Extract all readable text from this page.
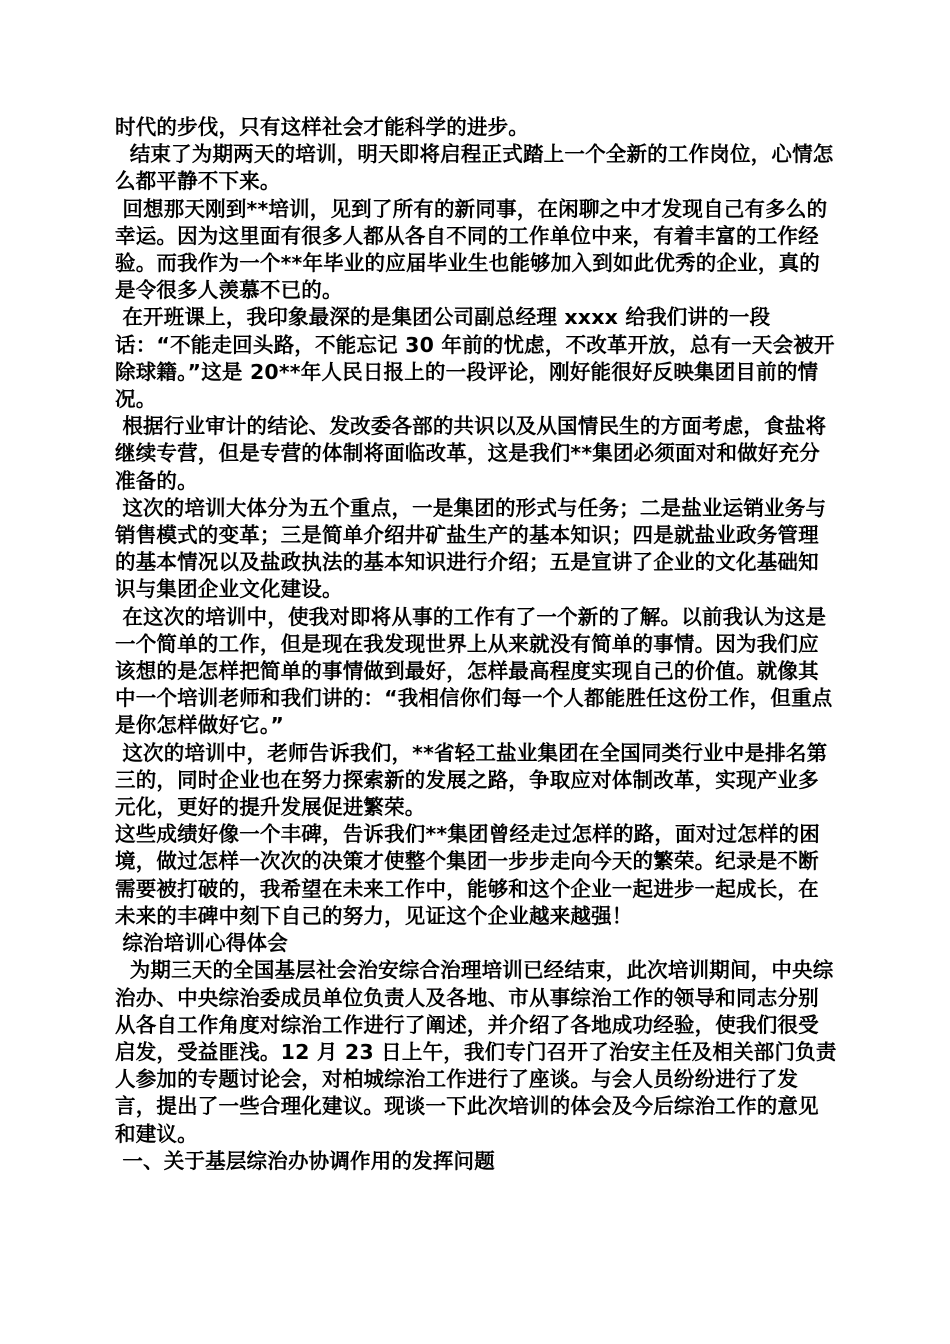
时代的步伐，只有这样社会才能科学的进步。

结束了为期两天的培训，明天即将启程正式踏上一个全新的工作岗位，心情怎么都平静不下来。

回想那天刚到**培训，见到了所有的新同事，在闲聊之中才发现自己有多么的幸运。因为这里面有很多人都从各自不同的工作单位中来，有着丰富的工作经验。而我作为一个**年毕业的应届毕业生也能够加入到如此优秀的企业，真的是令很多人羡慕不已的。

在开班课上，我印象最深的是集团公司副总经理 xxxx 给我们讲的一段话：“不能走回头路，不能忘记 30 年前的忧虑，不改革开放，总有一天会被开除球籍。”这是 20**年人民日报上的一段评论，刚好能很好反映集团目前的情况。

根据行业审计的结论、发改委各部的共识以及从国情民生的方面考虑，食盐将继续专营，但是专营的体制将面临改革，这是我们**集团必须面对和做好充分准备的。

这次的培训大体分为五个重点，一是集团的形式与任务；二是盐业运销业务与销售模式的变革；三是简单介绍井矿盐生产的基本知识；四是就盐业政务管理的基本情况以及盐政执法的基本知识进行介绍；五是宣讲了企业的文化基础知识与集团企业文化建设。

在这次的培训中，使我对即将从事的工作有了一个新的了解。以前我认为这是一个简单的工作，但是现在我发现世界上从来就没有简单的事情。因为我们应该想的是怎样把简单的事情做到最好，怎样最高程度实现自己的价值。就像其中一个培训老师和我们讲的：“我相信你们每一个人都能胜任这份工作，但重点是你怎样做好它。”

这次的培训中，老师告诉我们，**省轻工盐业集团在全国同类行业中是排名第三的，同时企业也在努力探索新的发展之路，争取应对体制改革，实现产业多元化，更好的提升发展促进繁荣。

这些成绩好像一个丰碑，告诉我们**集团曾经走过怎样的路，面对过怎样的困境，做过怎样一次次的决策才使整个集团一步步走向今天的繁荣。纪录是不断需要被打破的，我希望在未来工作中，能够和这个企业一起进步一起成长，在未来的丰碑中刻下自己的努力，见证这个企业越来越强！

综治培训心得体会

为期三天的全国基层社会治安综合治理培训已经结束，此次培训期间，中央综治办、中央综治委成员单位负责人及各地、市从事综治工作的领导和同志分别从各自工作角度对综治工作进行了阐述，并介绍了各地成功经验，使我们很受启发，受益匪浅。12 月 23 日上午，我们专门召开了治安主任及相关部门负责人参加的专题讨论会，对柏城综治工作进行了座谈。与会人员纷纷进行了发言，提出了一些合理化建议。现谈一下此次培训的体会及今后综治工作的意见和建议。

一、关于基层综治办协调作用的发挥问题
